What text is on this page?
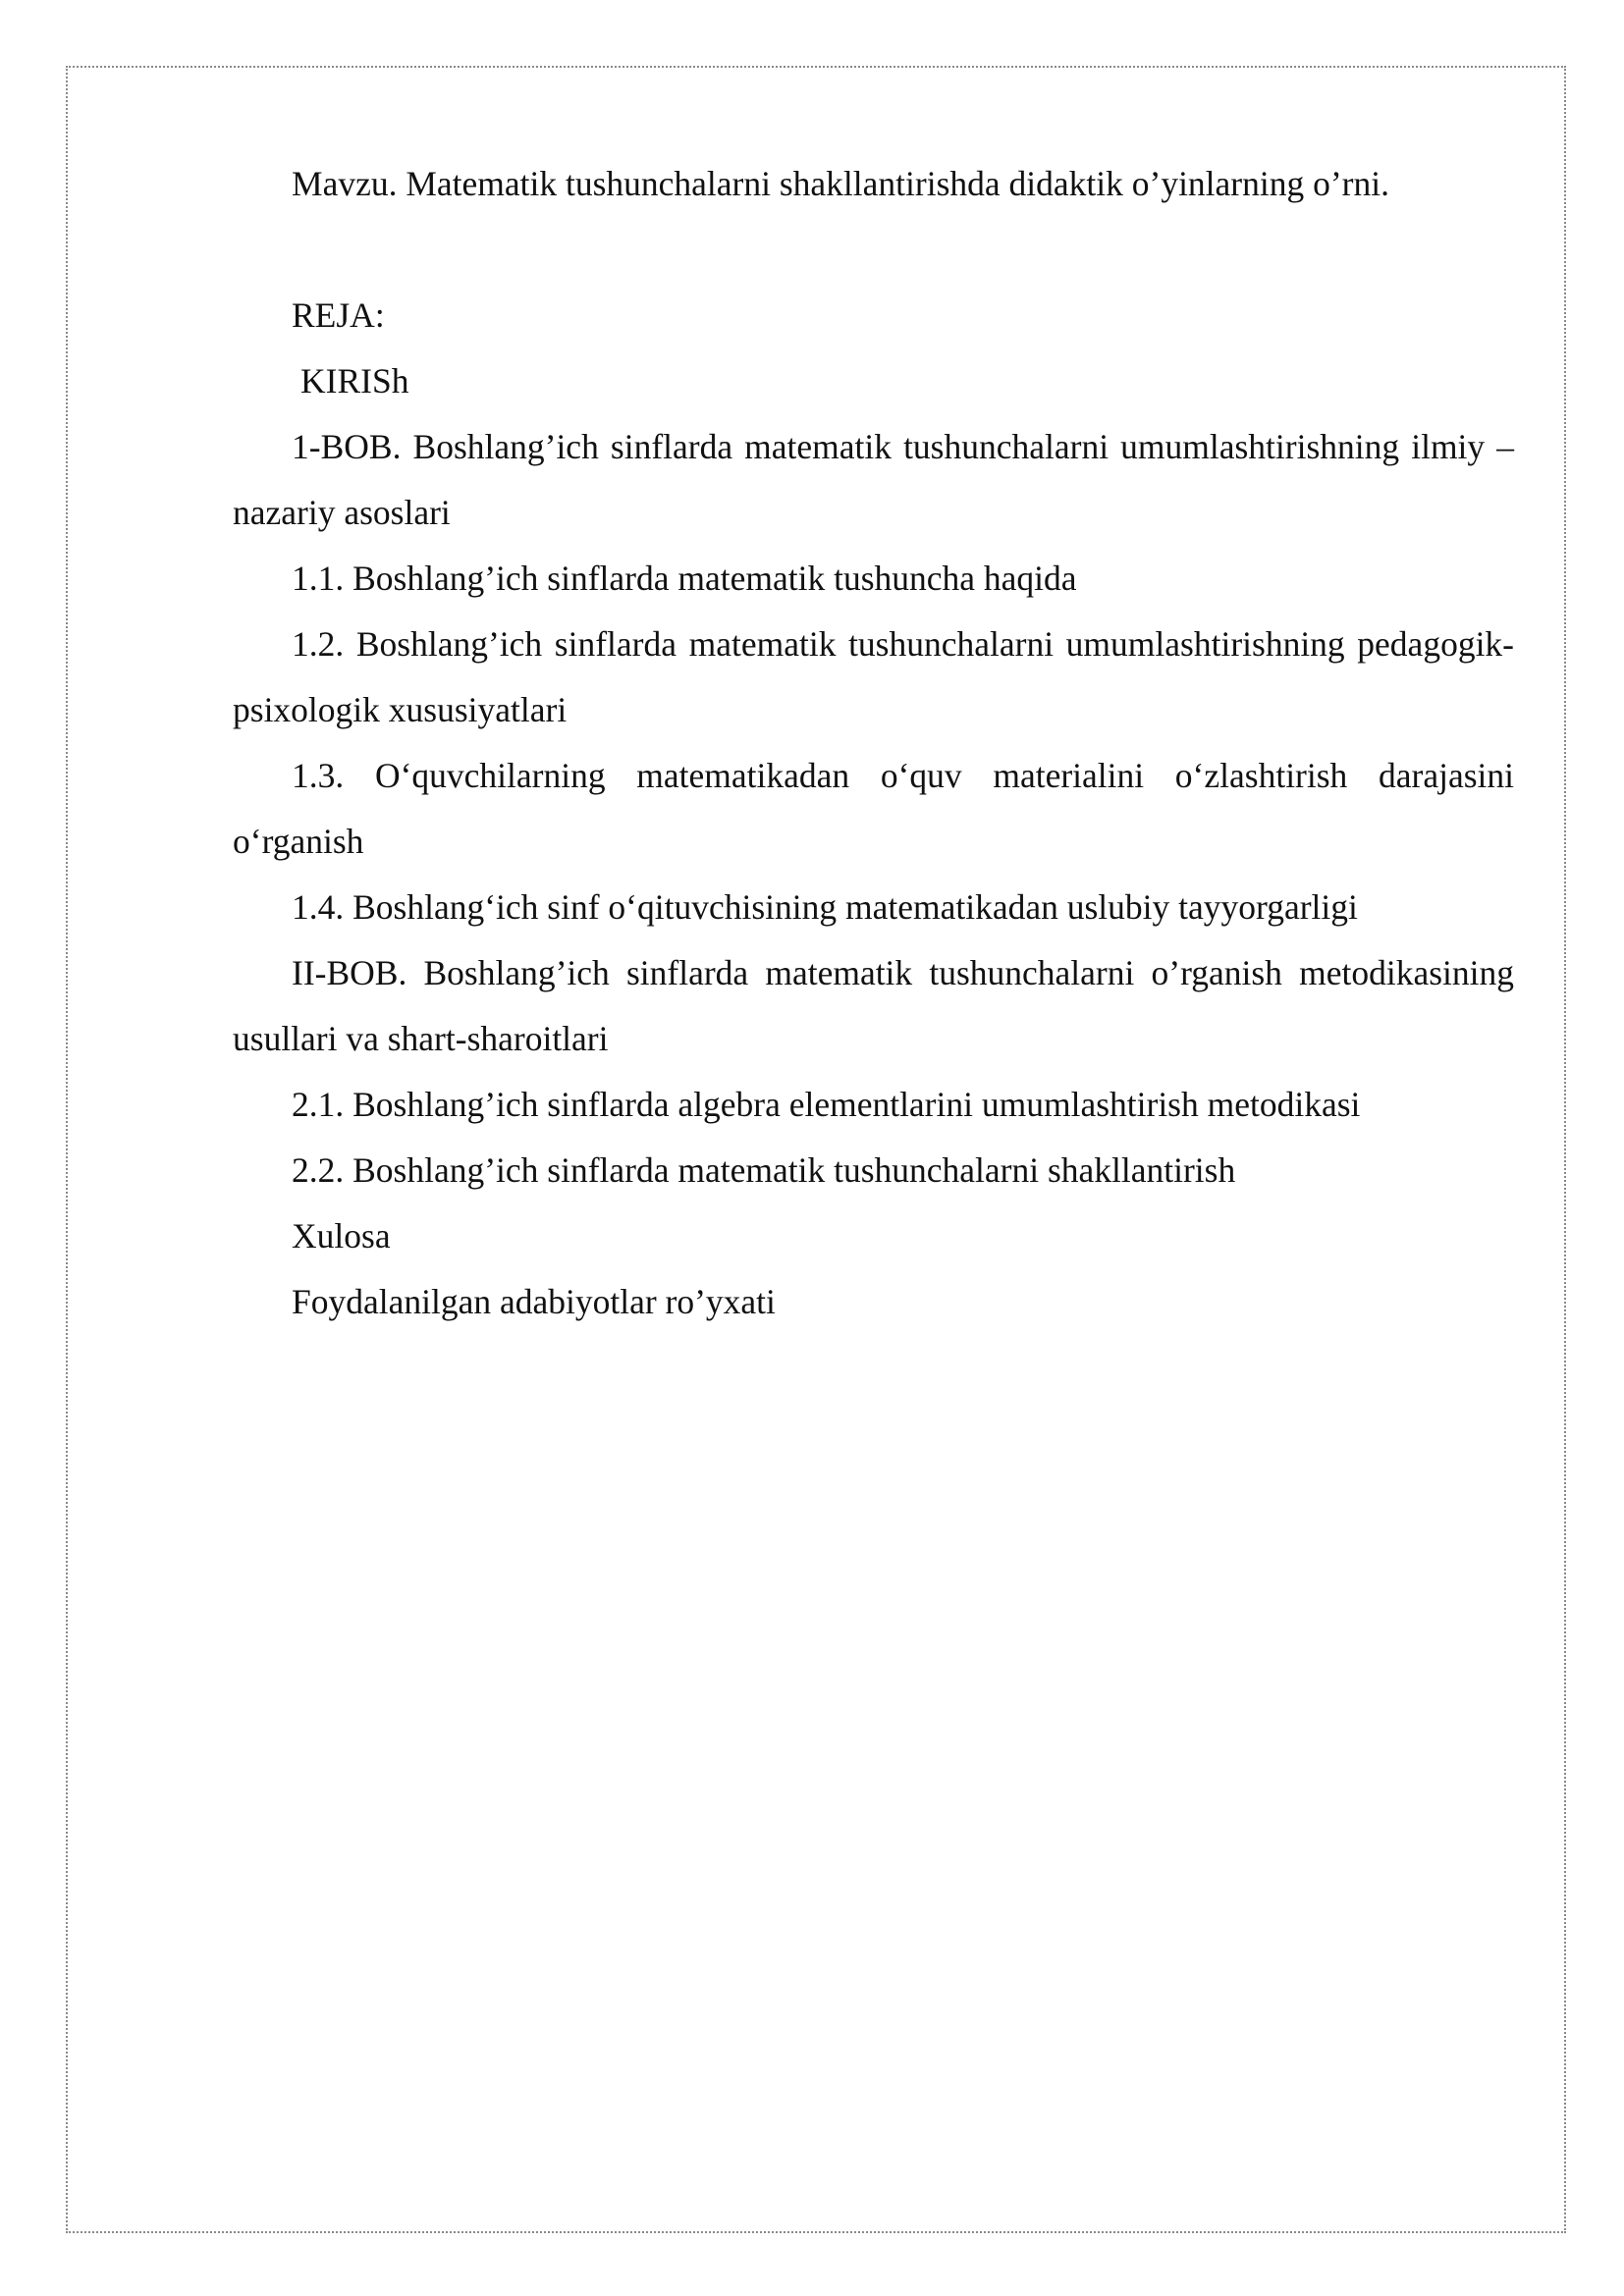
Mavzu. Matematik tushunchalarni shakllantirishda didaktik o’yinlarning o’rni.
REJA:
KIRISh
1-BOB. Boshlang’ich sinflarda matematik tushunchalarni umumlashtirishning ilmiy – nazariy asoslari
1.1. Boshlang’ich sinflarda matematik tushuncha haqida
1.2. Boshlang’ich sinflarda matematik tushunchalarni umumlashtirishning pedagogik-psixologik xususiyatlari
1.3. O‘quvchilarning matematikadan o‘quv materialini o‘zlashtirish darajasini o‘rganish
1.4. Boshlang‘ich sinf o‘qituvchisining matematikadan uslubiy tayyorgarligi
II-BOB. Boshlang’ich sinflarda matematik tushunchalarni o’rganish metodikasining usullari va shart-sharoitlari
2.1. Boshlang’ich sinflarda algebra elementlarini umumlashtirish metodikasi
2.2. Boshlang’ich sinflarda matematik tushunchalarni shakllantirish
Xulosa
Foydalanilgan adabiyotlar ro’yxati
